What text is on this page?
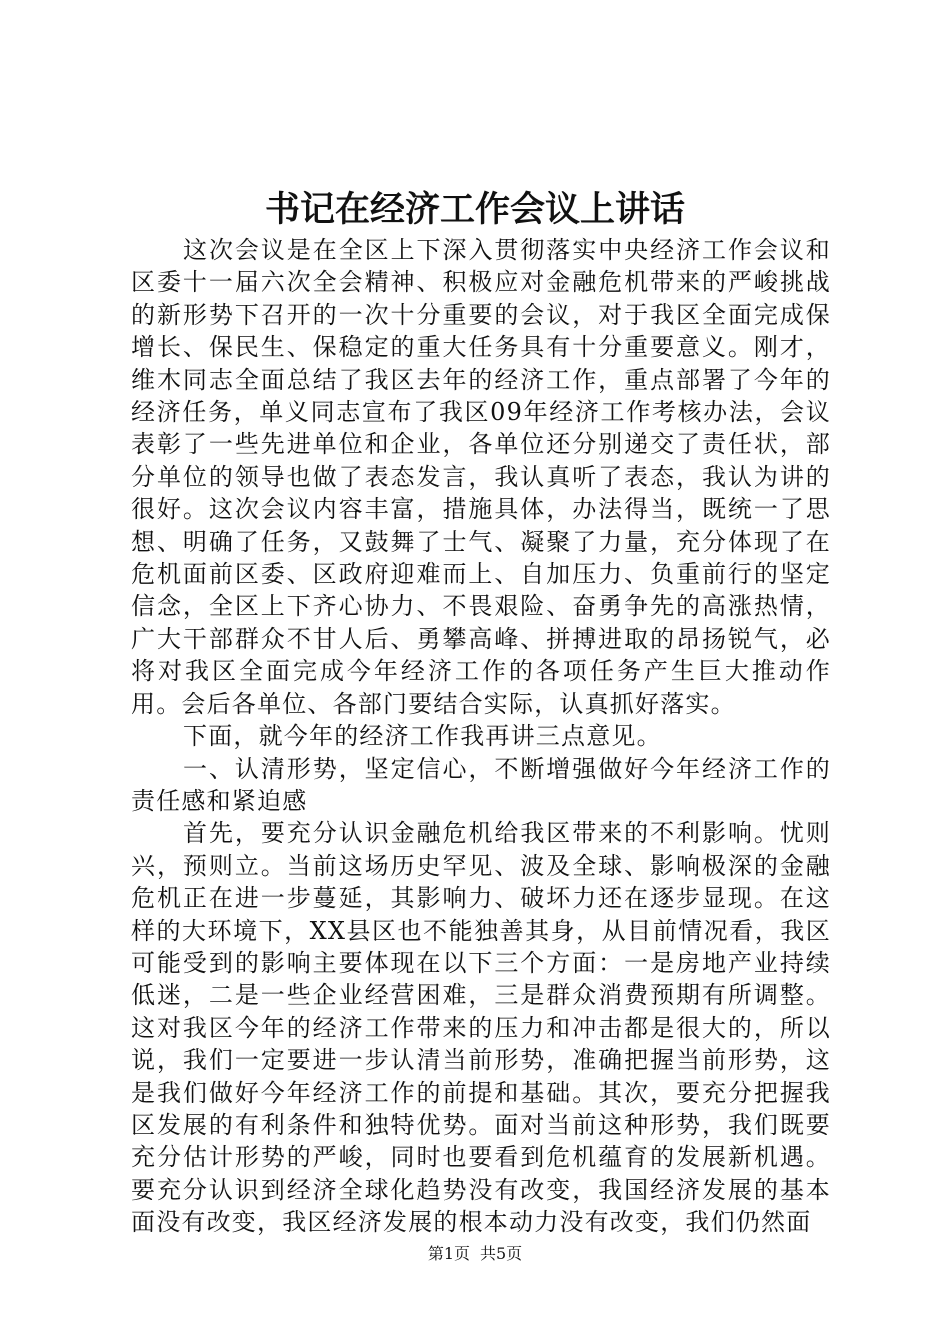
书记在经济工作会议上讲话

这次会议是在全区上下深入贯彻落实中央经济工作会议和区委十一届六次全会精神、积极应对金融危机带来的严峻挑战的新形势下召开的一次十分重要的会议，对于我区全面完成保增长、保民生、保稳定的重大任务具有十分重要意义。刚才，维木同志全面总结了我区去年的经济工作，重点部署了今年的经济任务，单义同志宣布了我区09年经济工作考核办法，会议表彰了一些先进单位和企业，各单位还分别递交了责任状，部分单位的领导也做了表态发言，我认真听了表态，我认为讲的很好。这次会议内容丰富，措施具体，办法得当，既统一了思想、明确了任务，又鼓舞了士气、凝聚了力量，充分体现了在危机面前区委、区政府迎难而上、自加压力、负重前行的坚定信念，全区上下齐心协力、不畏艰险、奋勇争先的高涨热情，广大干部群众不甘人后、勇攀高峰、拼搏进取的昂扬锐气，必将对我区全面完成今年经济工作的各项任务产生巨大推动作用。会后各单位、各部门要结合实际，认真抓好落实。

下面，就今年的经济工作我再讲三点意见。

一、认清形势，坚定信心，不断增强做好今年经济工作的责任感和紧迫感

首先，要充分认识金融危机给我区带来的不利影响。忧则兴，预则立。当前这场历史罕见、波及全球、影响极深的金融危机正在进一步蔓延，其影响力、破坏力还在逐步显现。在这样的大环境下，XX县区也不能独善其身，从目前情况看，我区可能受到的影响主要体现在以下三个方面：一是房地产业持续低迷，二是一些企业经营困难，三是群众消费预期有所调整。这对我区今年的经济工作带来的压力和冲击都是很大的，所以说，我们一定要进一步认清当前形势，准确把握当前形势，这是我们做好今年经济工作的前提和基础。其次，要充分把握我区发展的有利条件和独特优势。面对当前这种形势，我们既要充分估计形势的严峻，同时也要看到危机蕴育的发展新机遇。要充分认识到经济全球化趋势没有改变，我国经济发展的基本面没有改变，我区经济发展的根本动力没有改变，我们仍然面

第1页 共5页
